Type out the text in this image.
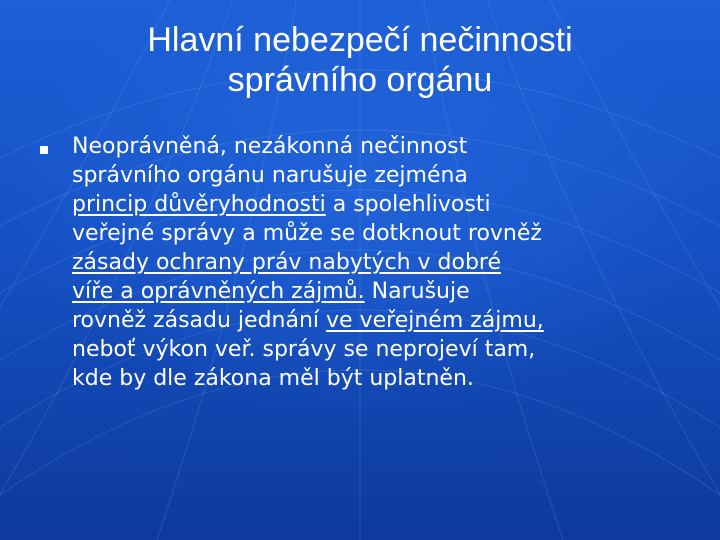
Hlavní nebezpečí nečinnosti
správního orgánu
Neoprávněná, nezákonná nečinnost
správního orgánu narušuje zejména
princip důvěryhodnosti a spolehlivosti
veřejné správy a může se dotknout rovněž
zásady ochrany práv nabytých v dobré
víře a oprávněných zájmů. Narušuje
rovněž zásadu jednání ve veřejném zájmu,
neboť výkon veř. správy se neprojeví tam,
kde by dle zákona měl být uplatněn.
